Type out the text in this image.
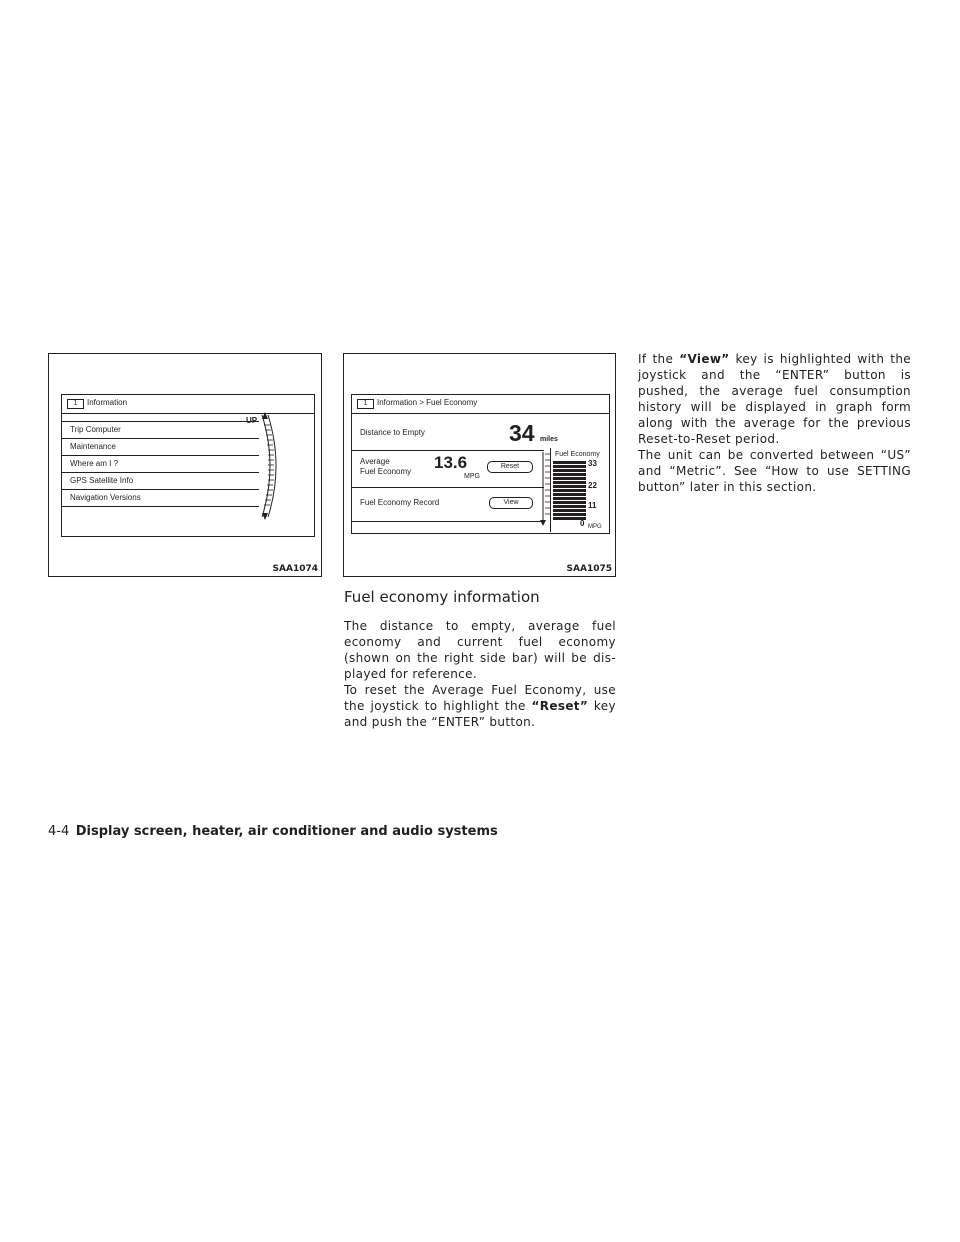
1	Information
UP
Trip Computer
Maintenance
Where am I ?
GPS Satellite Info
Navigation Versions
SAA1074
1	Information > Fuel Economy
Distance to Empty	34 miles
Average
Fuel Economy 13.6
MPG
Reset
Fuel Economy Record	View
Fuel Economy
33
22
11
0 MPG
SAA1075
Fuel economy information
The distance to empty, average fuel economy and current fuel economy (shown on the right side bar) will be dis-played for reference.
To reset the Average Fuel Economy, use the joystick to highlight the “Reset” key and push the “ENTER” button.
If the “View” key is highlighted with the joystick and the “ENTER” button is pushed, the average fuel consumption history will be displayed in graph form along with the average for the previous Reset-to-Reset period.
The unit can be converted between “US” and “Metric”. See “How to use SETTING button” later in this section.
4-4 Display screen, heater, air conditioner and audio systems
